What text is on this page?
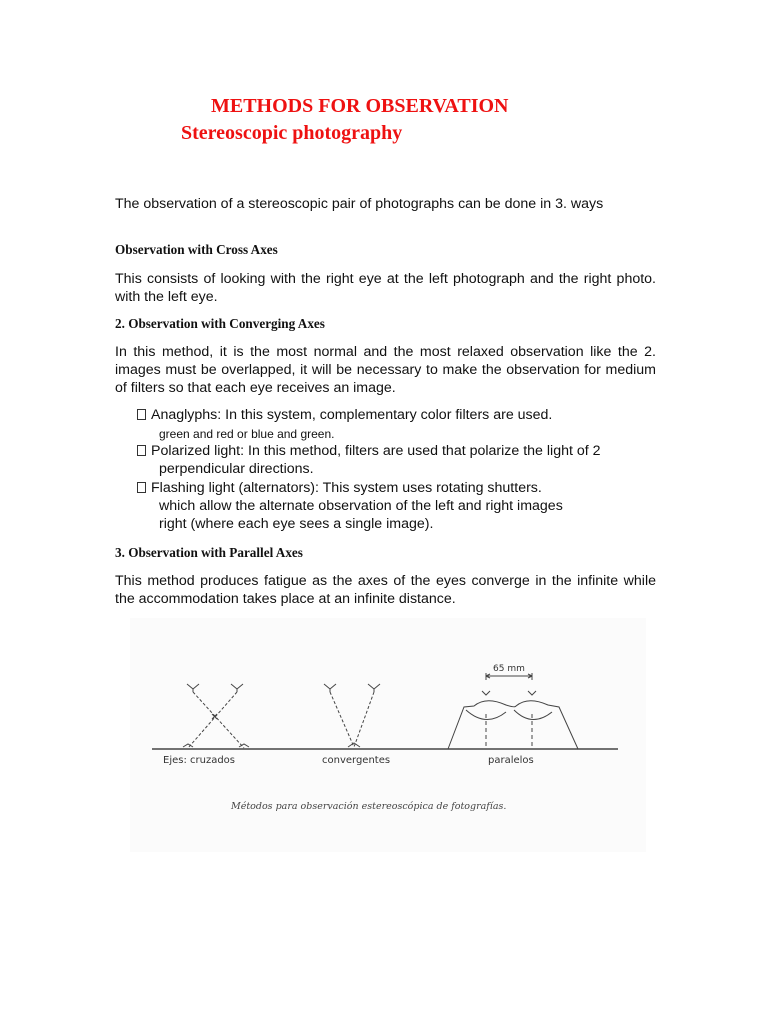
METHODS FOR OBSERVATION
Stereoscopic photography
The observation of a stereoscopic pair of photographs can be done in 3. ways
Observation with Cross Axes
This consists of looking with the right eye at the left photograph and the right photo. with the left eye.
2. Observation with Converging Axes
In this method, it is the most normal and the most relaxed observation like the 2. images must be overlapped, it will be necessary to make the observation for medium of filters so that each eye receives an image.
Anaglyphs: In this system, complementary color filters are used.
green and red or blue and green.
Polarized light: In this method, filters are used that polarize the light of 2
perpendicular directions.
Flashing light (alternators): This system uses rotating shutters.
which allow the alternate observation of the left and right images
right (where each eye sees a single image).
3. Observation with Parallel Axes
This method produces fatigue as the axes of the eyes converge in the infinite while the accommodation takes place at an infinite distance.
Ejes: cruzados	convergentes	paralelos
65 mm
Métodos para observación estereoscópica de fotografías.
